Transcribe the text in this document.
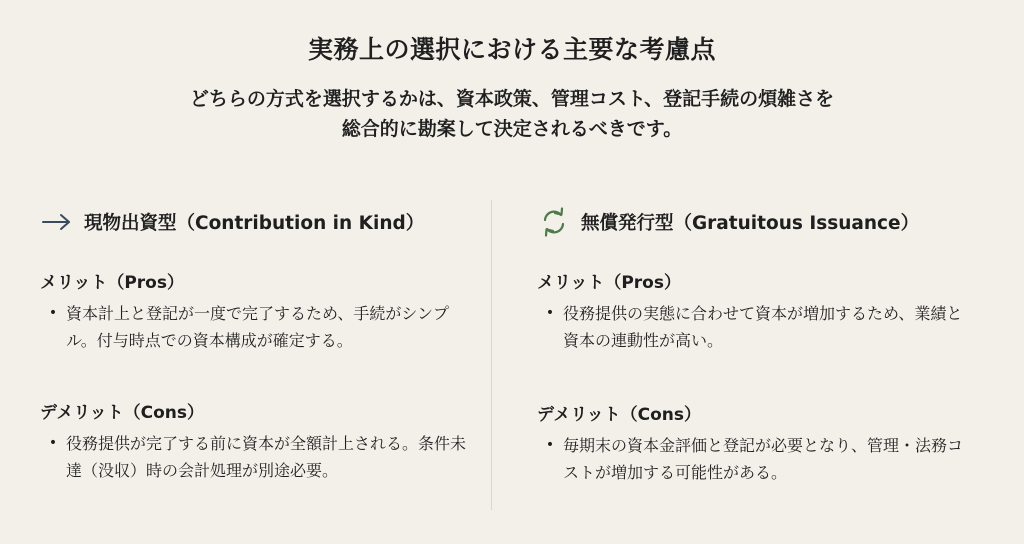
実務上の選択における主要な考慮点
どちらの方式を選択するかは、資本政策、管理コスト、登記手続の煩雑さを
総合的に勘案して決定されるべきです。
現物出資型（Contribution in Kind）
メリット（Pros）
• 資本計上と登記が一度で完了するため、手続がシンプル。付与時点での資本構成が確定する。
デメリット（Cons）
• 役務提供が完了する前に資本が全額計上される。条件未達（没収）時の会計処理が別途必要。
無償発行型（Gratuitous Issuance）
メリット（Pros）
• 役務提供の実態に合わせて資本が増加するため、業績と資本の連動性が高い。
デメリット（Cons）
• 毎期末の資本金評価と登記が必要となり、管理・法務コストが増加する可能性がある。
